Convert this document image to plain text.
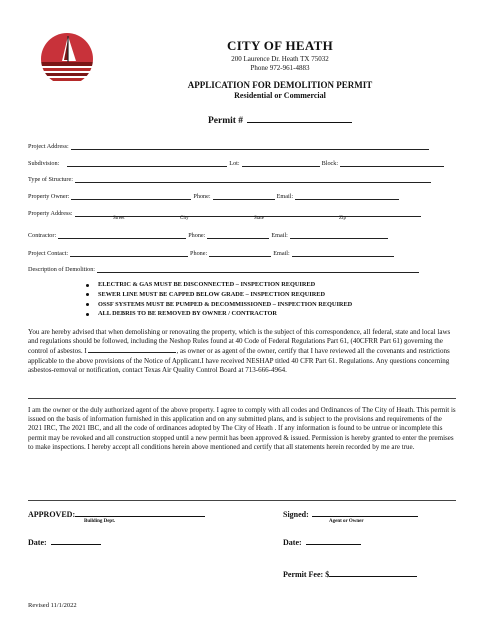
CITY OF HEATH
200 Laurence Dr. Heath TX 75032
Phone 972-961-4883
APPLICATION FOR DEMOLITION PERMIT
Residential or Commercial
Permit #
Project Address:
Subdivision:	Lot:	Block:
Type of Structure:
Property Owner:	Phone:	Email:
Property Address:
Street	City	State	Zip
Contractor:	Phone:	Email:
Project Contact:	Phone:	Email:
Description of Demolition:
ELECTRIC & GAS MUST BE DISCONNECTED – INSPECTION REQUIRED
SEWER LINE MUST BE CAPPED BELOW GRADE – INSPECTION REQUIRED
OSSF SYSTEMS MUST BE PUMPED & DECOMMISSIONED – INSPECTION REQUIRED
ALL DEBRIS TO BE REMOVED BY OWNER / CONTRACTOR
You are hereby advised that when demolishing or renovating the property, which is the subject of this correspondence, all federal, state and local laws and regulations should be followed, including the Neshop Rules found at 40 Code of Federal Regulations Part 61, (40CFRR Part 61) governing the control of asbestos. I	, as owner or as agent of the owner, certify that I have reviewed all the covenants and restrictions applicable to the above provisions of the Notice of Applicant.I have received NESHAP titled 40 CFR Part 61. Regulations. Any questions concerning asbestos-removal or notification, contact Texas Air Quality Control Board at 713-666-4964.
I am the owner or the duly authorized agent of the above property. I agree to comply with all codes and Ordinances of The City of Heath. This permit is issued on the basis of information furnished in this application and on any submitted plans, and is subject to the provisions and requirements of the 2021 IRC, The 2021 IBC, and all the code of ordinances adopted by The City of Heath . If any information is found to be untrue or incomplete this permit may be revoked and all construction stopped until a new permit has been approved & issued. Permission is hereby granted to enter the premises to make inspections. I hereby accept all conditions herein above mentioned and certify that all statements herein recorded by me are true.
APPROVED:
Building Dept.
Signed:
Agent or Owner
Date:	Date:
Permit Fee: $
Revised 11/1/2022
